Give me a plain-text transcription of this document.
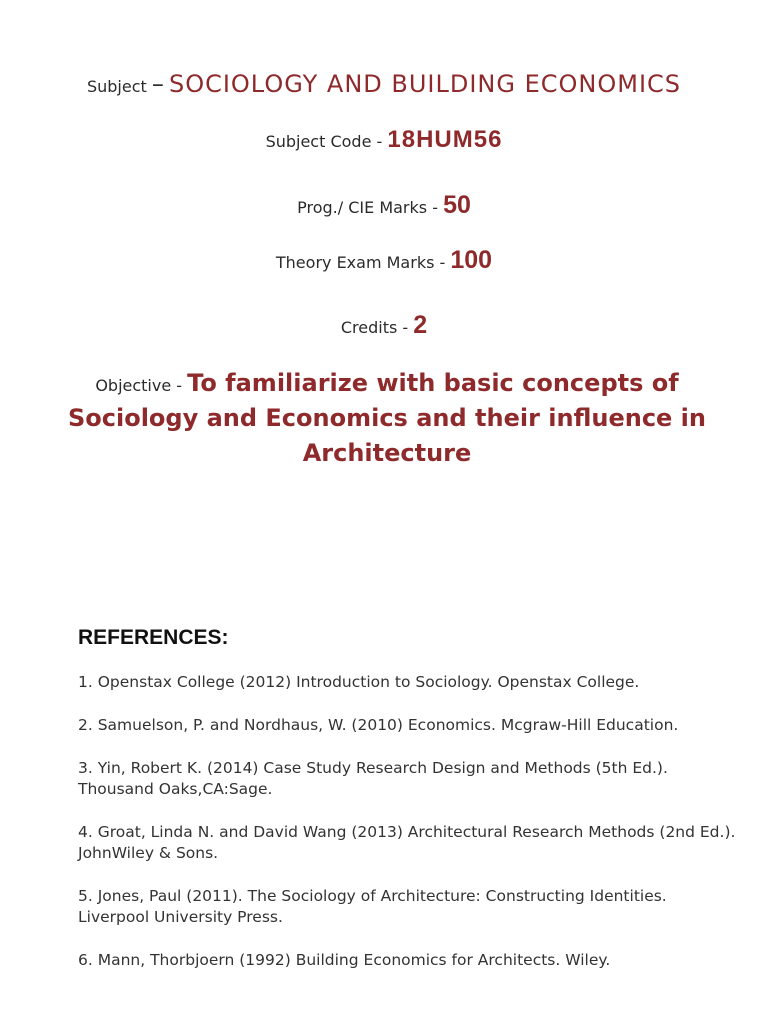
Subject – SOCIOLOGY AND BUILDING ECONOMICS
Subject Code - 18HUM56
Prog./ CIE Marks - 50
Theory Exam Marks - 100
Credits - 2
Objective - To familiarize with basic concepts of Sociology and Economics and their influence in Architecture
REFERENCES:
1. Openstax College (2012) Introduction to Sociology. Openstax College.
2. Samuelson, P. and Nordhaus, W. (2010) Economics. Mcgraw-Hill Education.
3. Yin, Robert K. (2014) Case Study Research Design and Methods (5th Ed.). Thousand Oaks,CA:Sage.
4. Groat, Linda N. and David Wang (2013) Architectural Research Methods (2nd Ed.). JohnWiley & Sons.
5. Jones, Paul (2011). The Sociology of Architecture: Constructing Identities. Liverpool University Press.
6. Mann, Thorbjoern (1992) Building Economics for Architects. Wiley.
